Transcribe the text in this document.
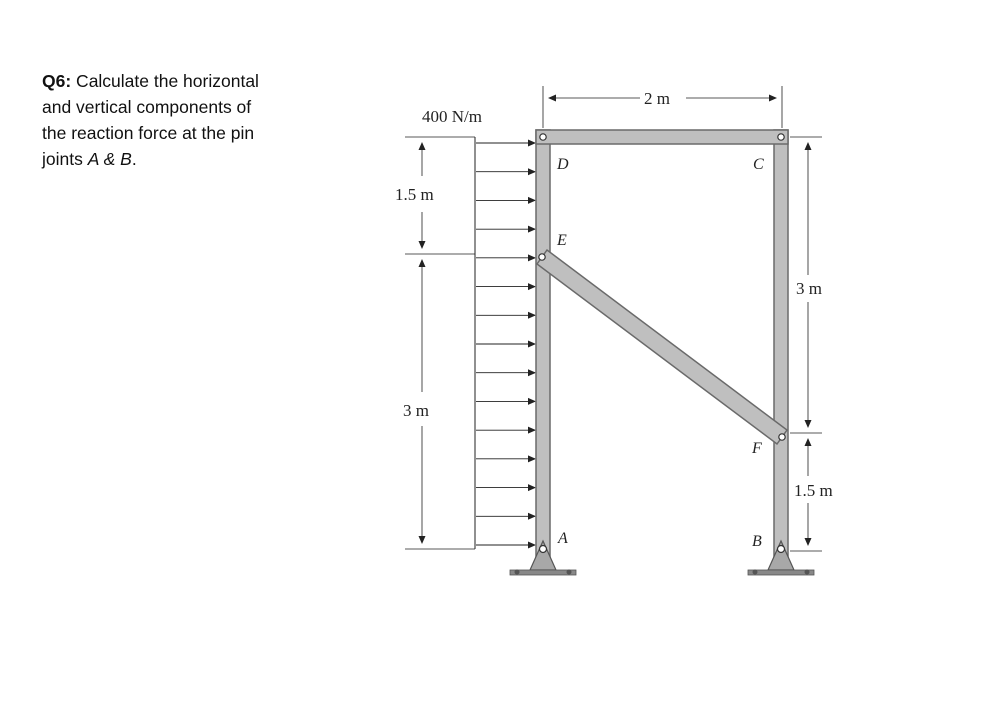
Q6: Calculate the horizontal and vertical components of the reaction force at the pin joints A & B.
400 N/m
1.5 m
3 m
2 m
3 m
1.5 m
D	C
E
F
A	B
